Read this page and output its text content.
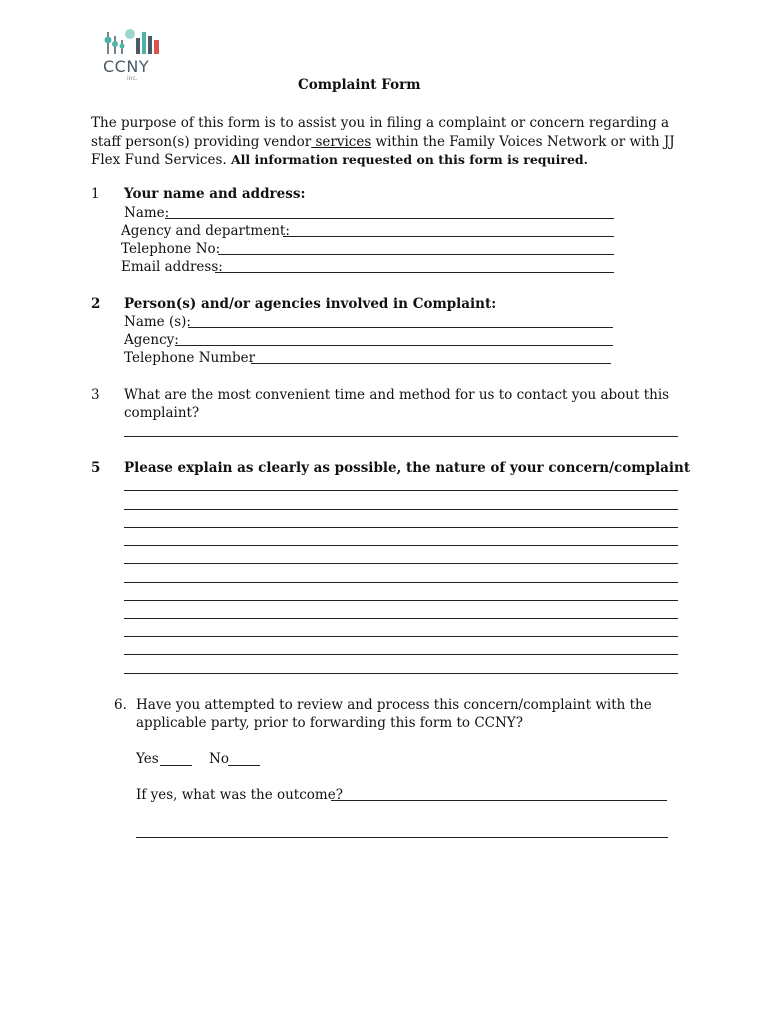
CCNY
inc.	Complaint Form
The purpose of this form is to assist you in filing a complaint or concern regarding a staff person(s) providing vendor services within the Family Voices Network or with JJ Flex Fund Services. All information requested on this form is required.
1 Your name and address:
Name:
Agency and department:
Telephone No:
Email address:
2 Person(s) and/or agencies involved in Complaint:
Name (s):
Agency:
Telephone Number
3 What are the most convenient time and method for us to contact you about this
complaint?
5 Please explain as clearly as possible, the nature of your concern/complaint
6. Have you attempted to review and process this concern/complaint with the
applicable party, prior to forwarding this form to CCNY?
Yes	No
If yes, what was the outcome?
